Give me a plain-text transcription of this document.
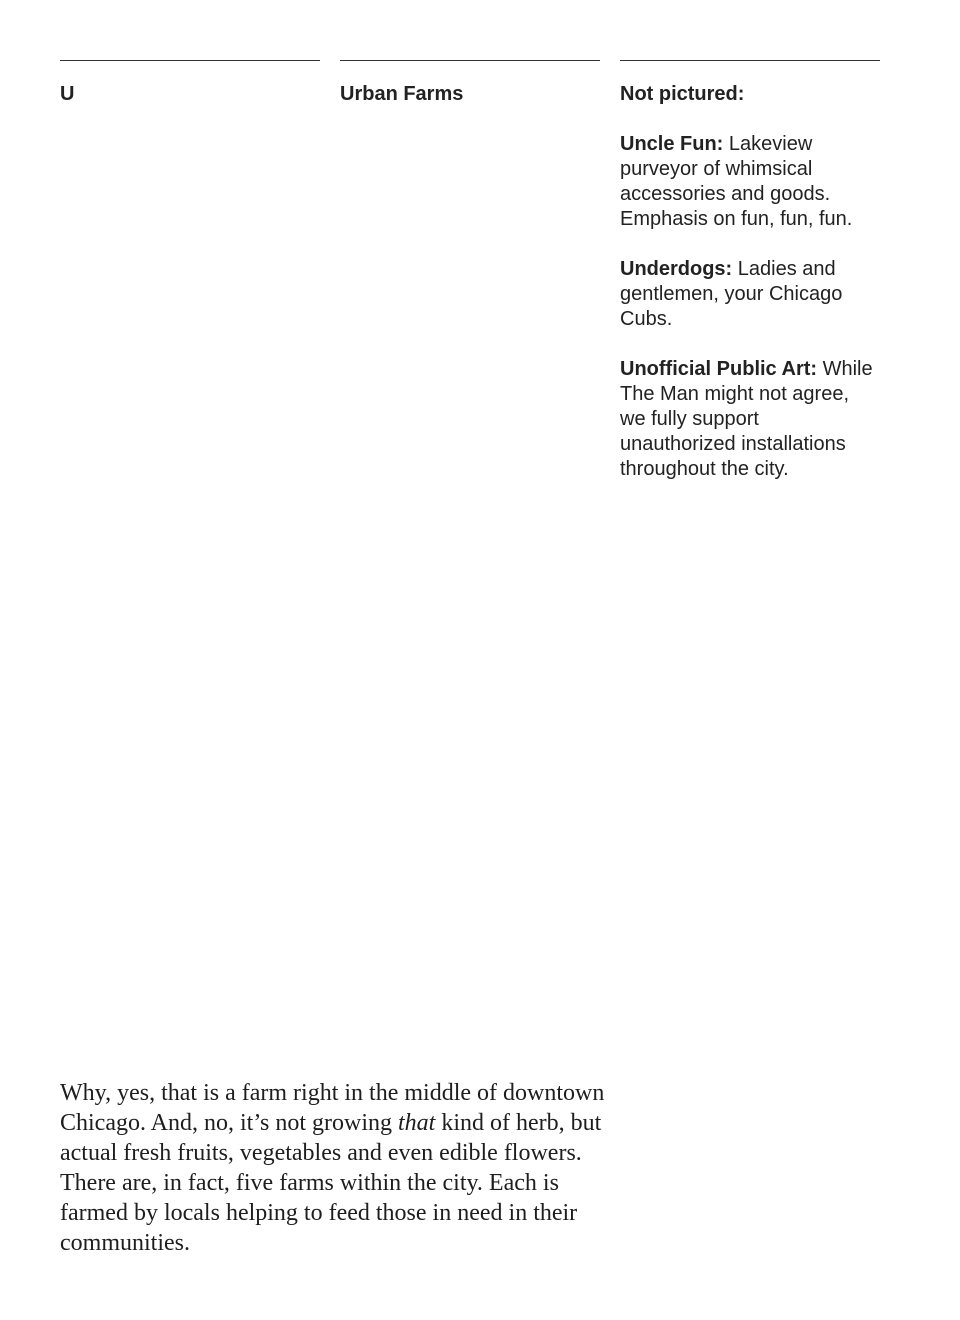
U	Urban Farms	Not pictured:
Uncle Fun: Lakeview purveyor of whimsical accessories and goods. Emphasis on fun, fun, fun.
Underdogs: Ladies and gentlemen, your Chicago Cubs.
Unofficial Public Art: While The Man might not agree, we fully support unauthorized installations throughout the city.

Why, yes, that is a farm right in the middle of downtown Chicago. And, no, it’s not growing that kind of herb, but actual fresh fruits, vegetables and even edible flowers. There are, in fact, five farms within the city. Each is farmed by locals helping to feed those in need in their communities.
